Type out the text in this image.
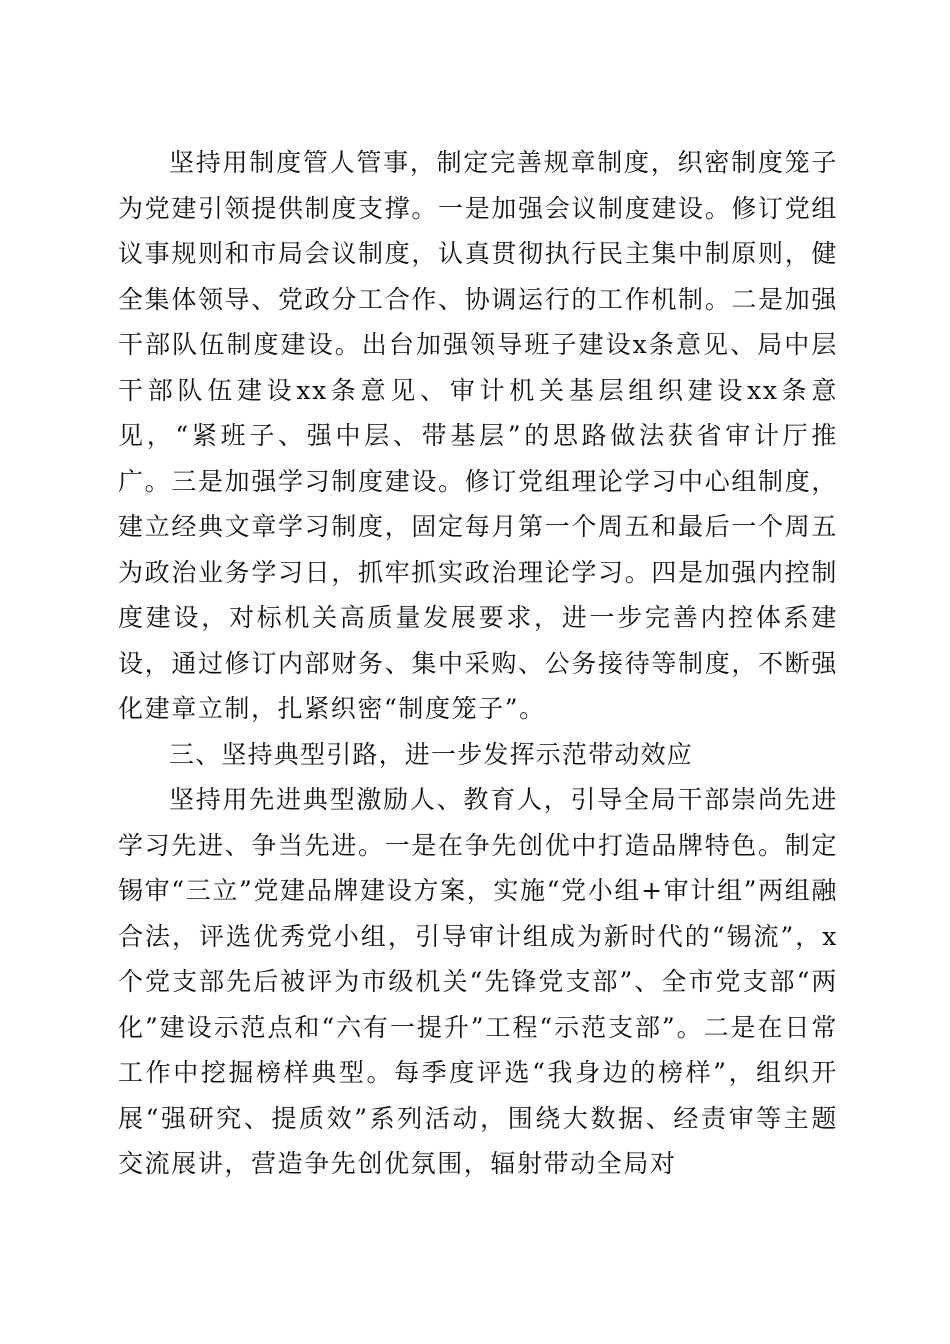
坚持用制度管人管事，制定完善规章制度，织密制度笼子为党建引领提供制度支撑。一是加强会议制度建设。修订党组议事规则和市局会议制度，认真贯彻执行民主集中制原则，健全集体领导、党政分工合作、协调运行的工作机制。二是加强干部队伍制度建设。出台加强领导班子建设x条意见、局中层干部队伍建设xx条意见、审计机关基层组织建设xx条意见，“紧班子、强中层、带基层”的思路做法获省审计厅推广。三是加强学习制度建设。修订党组理论学习中心组制度，建立经典文章学习制度，固定每月第一个周五和最后一个周五为政治业务学习日，抓牢抓实政治理论学习。四是加强内控制度建设，对标机关高质量发展要求，进一步完善内控体系建设，通过修订内部财务、集中采购、公务接待等制度，不断强化建章立制，扎紧织密“制度笼子”。

三、坚持典型引路，进一步发挥示范带动效应

坚持用先进典型激励人、教育人，引导全局干部崇尚先进学习先进、争当先进。一是在争先创优中打造品牌特色。制定锡审“三立”党建品牌建设方案，实施“党小组+审计组”两组融合法，评选优秀党小组，引导审计组成为新时代的“锡流”，x个党支部先后被评为市级机关“先锋党支部”、全市党支部“两化”建设示范点和“六有一提升”工程“示范支部”。二是在日常工作中挖掘榜样典型。每季度评选“我身边的榜样”，组织开展“强研究、提质效”系列活动，围绕大数据、经责审等主题交流展讲，营造争先创优氛围，辐射带动全局对
